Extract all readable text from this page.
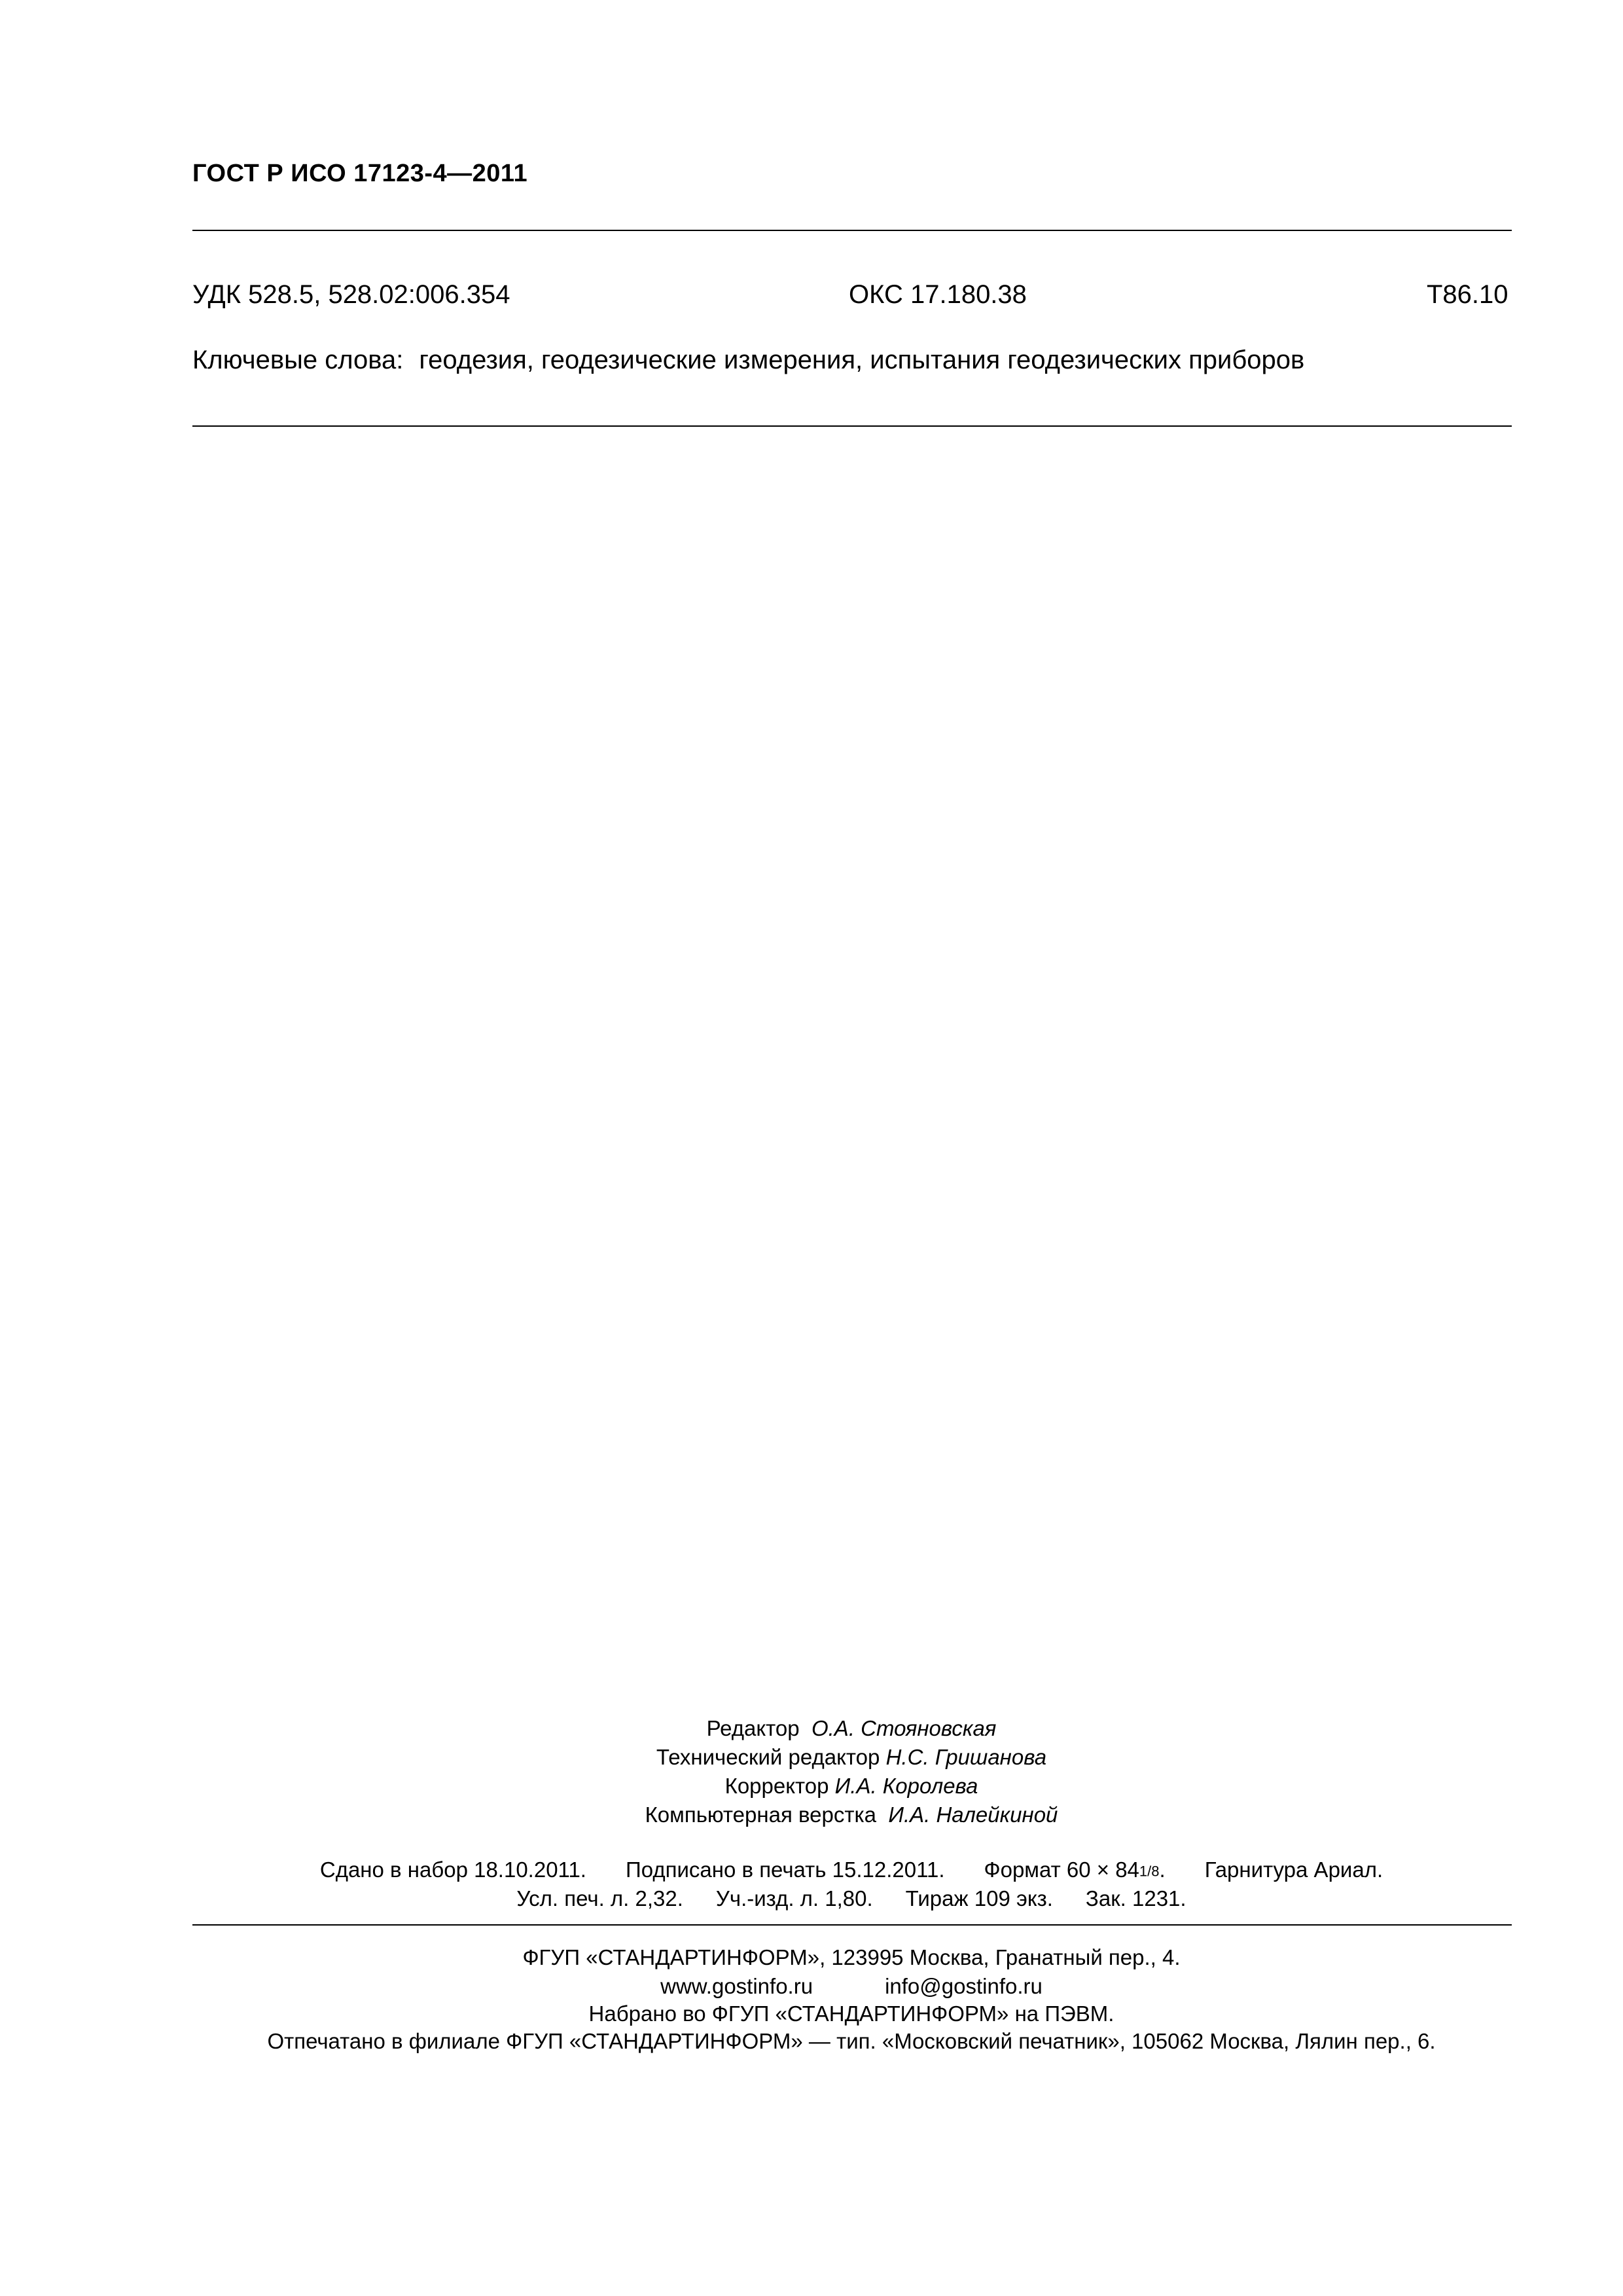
ГОСТ Р ИСО 17123-4—2011
УДК 528.5, 528.02:006.354	ОКС 17.180.38	Т86.10
Ключевые слова: геодезия, геодезические измерения, испытания геодезических приборов
Редактор О.А. Стояновская
Технический редактор Н.С. Гришанова
Корректор И.А. Королева
Компьютерная верстка И.А. Налейкиной
Сдано в набор 18.10.2011. Подписано в печать 15.12.2011. Формат 60 × 841/8. Гарнитура Ариал.
Усл. печ. л. 2,32. Уч.-изд. л. 1,80. Тираж 109 экз. Зак. 1231.
ФГУП «СТАНДАРТИНФОРМ», 123995 Москва, Гранатный пер., 4.
www.gostinfo.ru	info@gostinfo.ru
Набрано во ФГУП «СТАНДАРТИНФОРМ» на ПЭВМ.
Отпечатано в филиале ФГУП «СТАНДАРТИНФОРМ» — тип. «Московский печатник», 105062 Москва, Лялин пер., 6.
